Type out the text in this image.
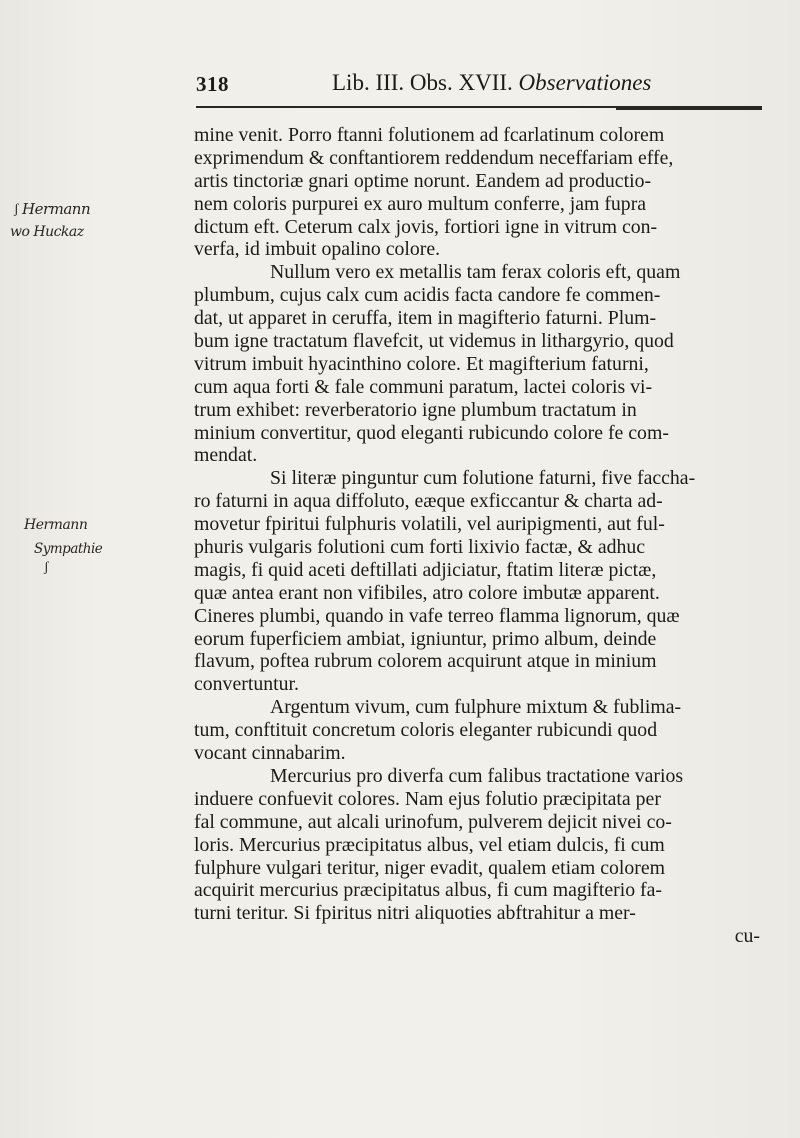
318	Lib. III. Obs. XVII. Observationes
ʃ Hermann
wo Huckaz
Hermann
Sympathie
ʃ
mine venit. Porro ftanni folutionem ad fcarlatinum colorem
exprimendum & conftantiorem reddendum neceffariam effe,
artis tinctoriæ gnari optime norunt. Eandem ad productio-
nem coloris purpurei ex auro multum conferre, jam fupra
dictum eft. Ceterum calx jovis, fortiori igne in vitrum con-
verfa, id imbuit opalino colore.
Nullum vero ex metallis tam ferax coloris eft, quam
plumbum, cujus calx cum acidis facta candore fe commen-
dat, ut apparet in ceruffa, item in magifterio faturni. Plum-
bum igne tractatum flavefcit, ut videmus in lithargyrio, quod
vitrum imbuit hyacinthino colore. Et magifterium faturni,
cum aqua forti & fale communi paratum, lactei coloris vi-
trum exhibet: reverberatorio igne plumbum tractatum in
minium convertitur, quod eleganti rubicundo colore fe com-
mendat.
Si literæ pinguntur cum folutione faturni, five faccha-
ro faturni in aqua diffoluto, eæque exficcantur & charta ad-
movetur fpiritui fulphuris volatili, vel auripigmenti, aut ful-
phuris vulgaris folutioni cum forti lixivio factæ, & adhuc
magis, fi quid aceti deftillati adjiciatur, ftatim literæ pictæ,
quæ antea erant non vifibiles, atro colore imbutæ apparent.
Cineres plumbi, quando in vafe terreo flamma lignorum, quæ
eorum fuperficiem ambiat, igniuntur, primo album, deinde
flavum, poftea rubrum colorem acquirunt atque in minium
convertuntur.
Argentum vivum, cum fulphure mixtum & fublima-
tum, conftituit concretum coloris eleganter rubicundi quod
vocant cinnabarim.
Mercurius pro diverfa cum falibus tractatione varios
induere confuevit colores. Nam ejus folutio præcipitata per
fal commune, aut alcali urinofum, pulverem dejicit nivei co-
loris. Mercurius præcipitatus albus, vel etiam dulcis, fi cum
fulphure vulgari teritur, niger evadit, qualem etiam colorem
acquirit mercurius præcipitatus albus, fi cum magifterio fa-
turni teritur. Si fpiritus nitri aliquoties abftrahitur a mer-
cu-
